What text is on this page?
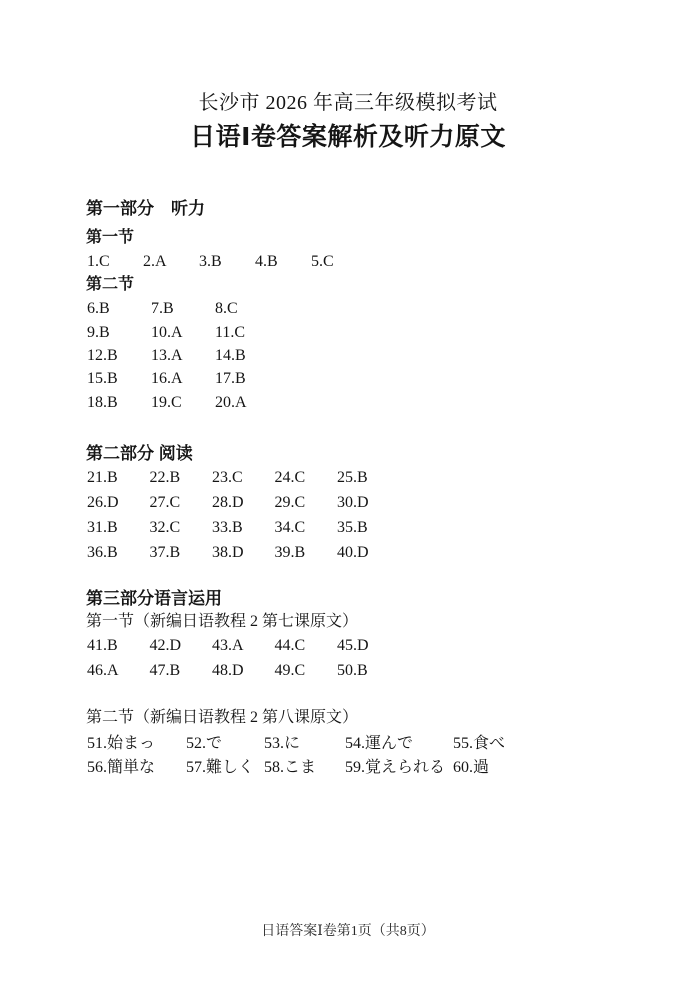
长沙市 2026 年高三年级模拟考试
日语Ⅰ卷答案解析及听力原文
第一部分　听力
第一节
1.C 2.A 3.B 4.B 5.C
第二节
6.B	7.B	8.C
9.B	10.A 11.C
12.B 13.A 14.B
15.B 16.A 17.B
18.B 19.C 20.A
第二部分 阅读
21.B 22.B 23.C 24.C 25.B
26.D 27.C 28.D 29.C 30.D
31.B 32.C 33.B 34.C 35.B
36.B 37.B 38.D 39.B 40.D
第三部分语言运用
第一节（新编日语教程 2 第七课原文）
41.B 42.D 43.A 44.C 45.D
46.A 47.B 48.D 49.C 50.B
第二节（新编日语教程 2 第八课原文）
51.始まっ 52.で	53.に	54.運んで 55.食べ
56.簡単な 57.難しく 58.こま 59.覚えられる 60.過
日语答案Ⅰ卷第1页（共8页）
